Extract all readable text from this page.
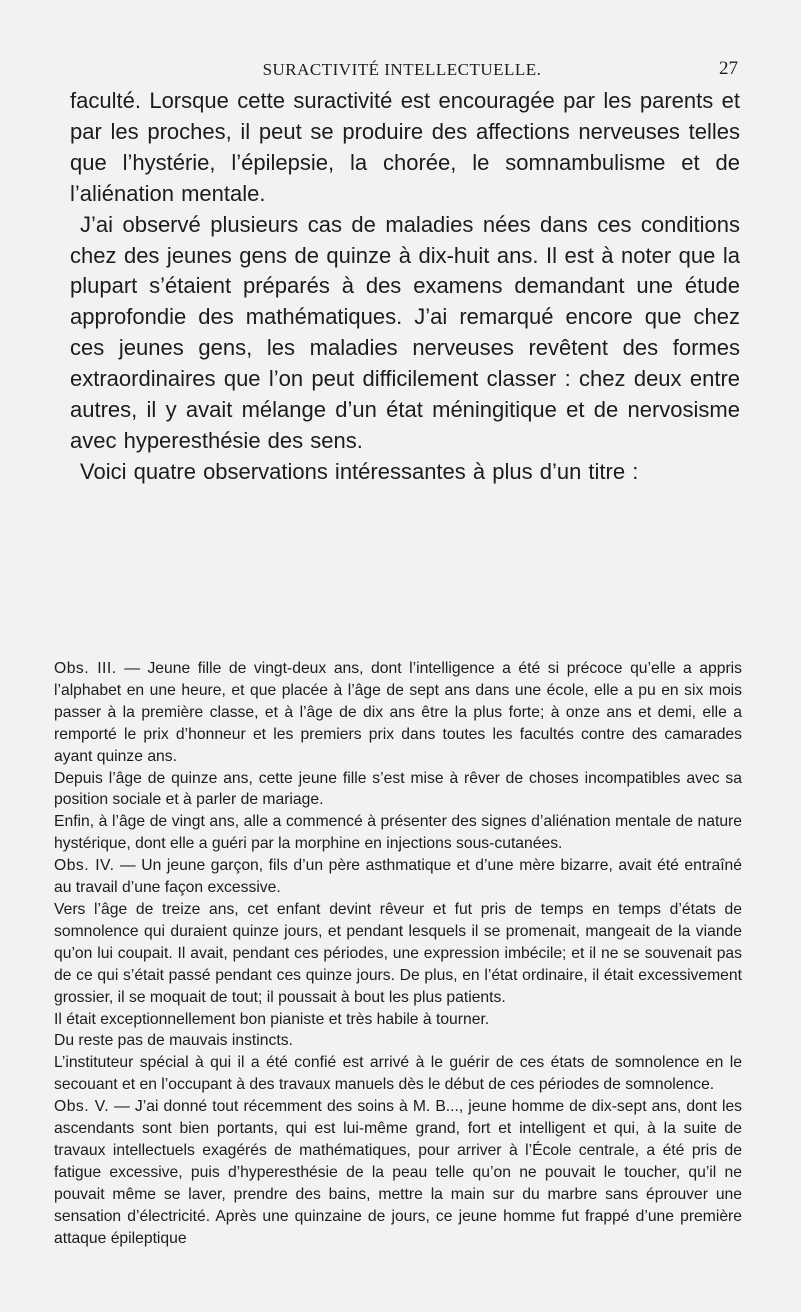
SURACTIVITÉ INTELLECTUELLE.	27

faculté. Lorsque cette suractivité est encouragée par les parents et par les proches, il peut se produire des affections nerveuses telles que l’hystérie, l’épilepsie, la chorée, le somnambulisme et de l’aliénation mentale.

J’ai observé plusieurs cas de maladies nées dans ces conditions chez des jeunes gens de quinze à dix-huit ans. Il est à noter que la plupart s’étaient préparés à des examens demandant une étude approfondie des mathématiques. J’ai remarqué encore que chez ces jeunes gens, les maladies nerveuses revêtent des formes extraordinaires que l’on peut difficilement classer : chez deux entre autres, il y avait mélange d’un état méningitique et de nervosisme avec hyperesthésie des sens.

Voici quatre observations intéressantes à plus d’un titre :

Obs. III. — Jeune fille de vingt-deux ans, dont l’intelligence a été si précoce qu’elle a appris l’alphabet en une heure, et que placée à l’âge de sept ans dans une école, elle a pu en six mois passer à la première classe, et à l’âge de dix ans être la plus forte; à onze ans et demi, elle a remporté le prix d’honneur et les premiers prix dans toutes les facultés contre des camarades ayant quinze ans.

Depuis l’âge de quinze ans, cette jeune fille s’est mise à rêver de choses incompatibles avec sa position sociale et à parler de mariage.

Enfin, à l’âge de vingt ans, alle a commencé à présenter des signes d’aliénation mentale de nature hystérique, dont elle a guéri par la morphine en injections sous-cutanées.

Obs. IV. — Un jeune garçon, fils d’un père asthmatique et d’une mère bizarre, avait été entraîné au travail d’une façon excessive.

Vers l’âge de treize ans, cet enfant devint rêveur et fut pris de temps en temps d’états de somnolence qui duraient quinze jours, et pendant lesquels il se promenait, mangeait de la viande qu’on lui coupait. Il avait, pendant ces périodes, une expression imbécile; et il ne se souvenait pas de ce qui s’était passé pendant ces quinze jours. De plus, en l’état ordinaire, il était excessivement grossier, il se moquait de tout; il poussait à bout les plus patients.

Il était exceptionnellement bon pianiste et très habile à tourner.

Du reste pas de mauvais instincts.

L’instituteur spécial à qui il a été confié est arrivé à le guérir de ces états de somnolence en le secouant et en l’occupant à des travaux manuels dès le début de ces périodes de somnolence.

Obs. V. — J’ai donné tout récemment des soins à M. B..., jeune homme de dix-sept ans, dont les ascendants sont bien portants, qui est lui-même grand, fort et intelligent et qui, à la suite de travaux intellectuels exagérés de mathématiques, pour arriver à l’École centrale, a été pris de fatigue excessive, puis d’hyperesthésie de la peau telle qu’on ne pouvait le toucher, qu’il ne pouvait même se laver, prendre des bains, mettre la main sur du marbre sans éprouver une sensation d’électricité. Après une quinzaine de jours, ce jeune homme fut frappé d’une première attaque épileptique
